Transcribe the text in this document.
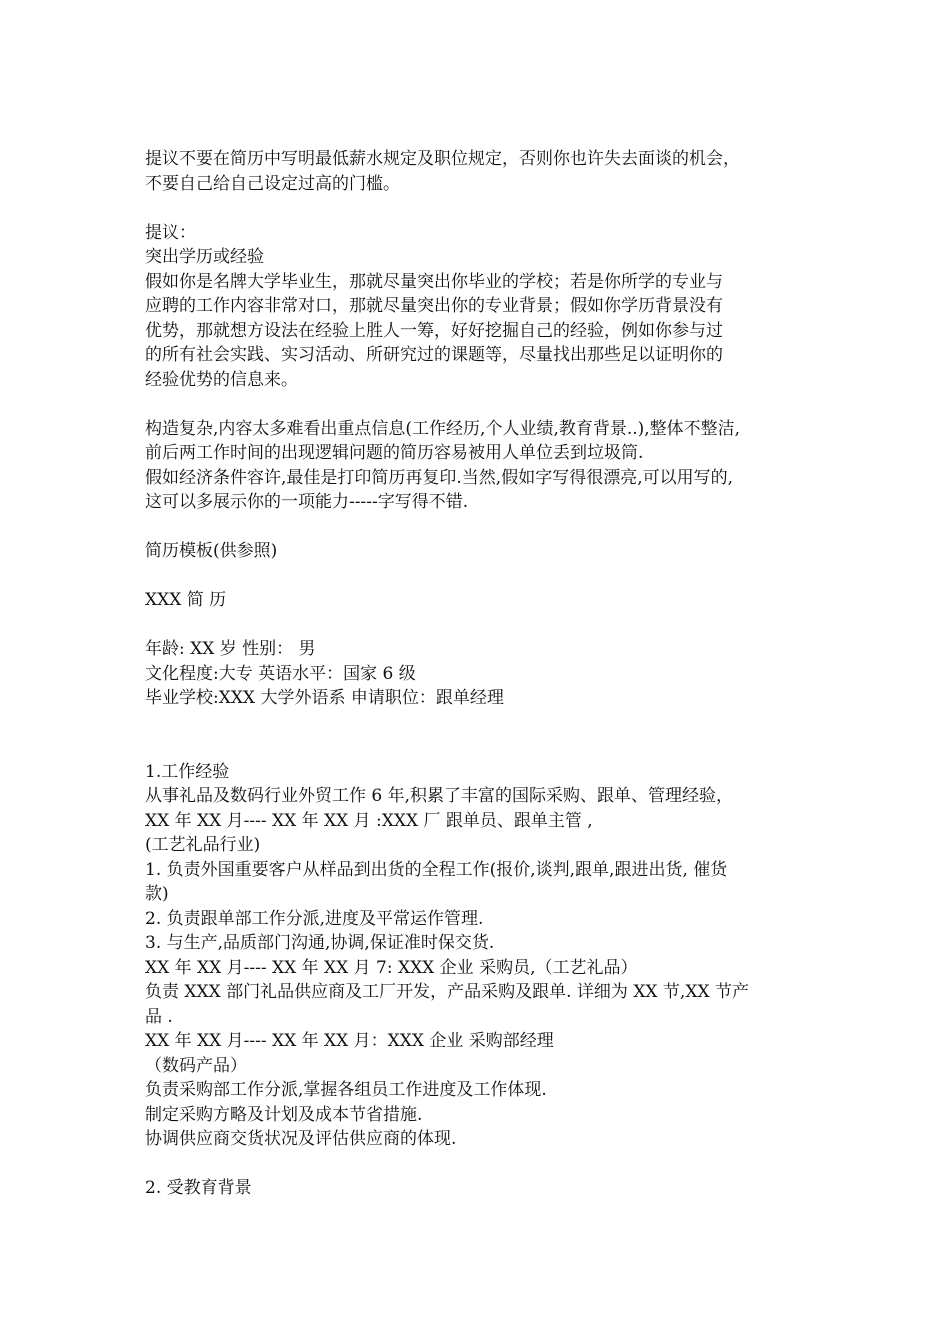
提议不要在简历中写明最低薪水规定及职位规定，否则你也许失去面谈的机会，
不要自己给自己设定过高的门槛。
提议：
突出学历或经验
假如你是名牌大学毕业生，那就尽量突出你毕业的学校；若是你所学的专业与
应聘的工作内容非常对口，那就尽量突出你的专业背景；假如你学历背景没有
优势，那就想方设法在经验上胜人一筹，好好挖掘自己的经验，例如你参与过
的所有社会实践、实习活动、所研究过的课题等，尽量找出那些足以证明你的
经验优势的信息来。
构造复杂,内容太多难看出重点信息(工作经历,个人业绩,教育背景..),整体不整洁,
前后两工作时间的出现逻辑问题的简历容易被用人单位丢到垃圾筒.
假如经济条件容许,最佳是打印简历再复印.当然,假如字写得很漂亮,可以用写的,
这可以多展示你的一项能力-----字写得不错.
简历模板(供参照)
XXX 简 历
年龄: XX 岁 性别： 男
文化程度:大专 英语水平：国家 6 级
毕业学校:XXX 大学外语系 申请职位：跟单经理
1.工作经验
从事礼品及数码行业外贸工作 6 年,积累了丰富的国际采购、跟单、管理经验，
XX 年 XX 月---- XX 年 XX 月 :XXX 厂 跟单员、跟单主管 ,
(工艺礼品行业)
1. 负责外国重要客户从样品到出货的全程工作(报价,谈判,跟单,跟进出货, 催货
款)
2. 负责跟单部工作分派,进度及平常运作管理.
3. 与生产,品质部门沟通,协调,保证准时保交货.
XX 年 XX 月---- XX 年 XX 月 7: XXX 企业 采购员,（工艺礼品）
负责 XXX 部门礼品供应商及工厂开发，产品采购及跟单. 详细为 XX 节,XX 节产
品 .
XX 年 XX 月---- XX 年 XX 月：XXX 企业 采购部经理
（数码产品）
负责采购部工作分派,掌握各组员工作进度及工作体现.
制定采购方略及计划及成本节省措施.
协调供应商交货状况及评估供应商的体现.
2. 受教育背景
